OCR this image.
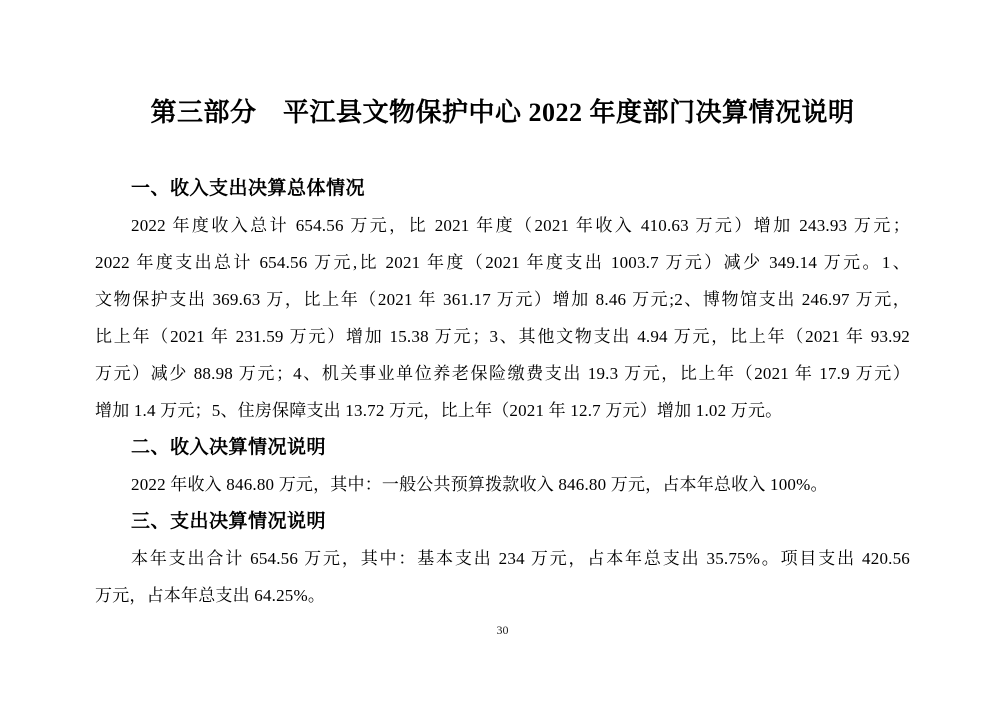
第三部分　平江县文物保护中心 2022 年度部门决算情况说明
一、收入支出决算总体情况
2022 年度收入总计 654.56 万元，比 2021 年度（2021 年收入 410.63 万元）增加 243.93 万元；
2022 年度支出总计 654.56 万元,比 2021 年度（2021 年度支出 1003.7 万元）减少 349.14 万元。1、
文物保护支出 369.63 万，比上年（2021 年 361.17 万元）增加 8.46 万元;2、博物馆支出 246.97 万元，
比上年（2021 年 231.59 万元）增加 15.38 万元；3、其他文物支出 4.94 万元，比上年（2021 年 93.92
万元）减少 88.98 万元；4、机关事业单位养老保险缴费支出 19.3 万元，比上年（2021 年 17.9 万元）
增加 1.4 万元；5、住房保障支出 13.72 万元，比上年（2021 年 12.7 万元）增加 1.02 万元。
二、收入决算情况说明
2022 年收入 846.80 万元，其中：一般公共预算拨款收入 846.80 万元，占本年总收入 100%。
三、支出决算情况说明
本年支出合计 654.56 万元，其中：基本支出 234 万元，占本年总支出 35.75%。项目支出 420.56
万元，占本年总支出 64.25%。
30
